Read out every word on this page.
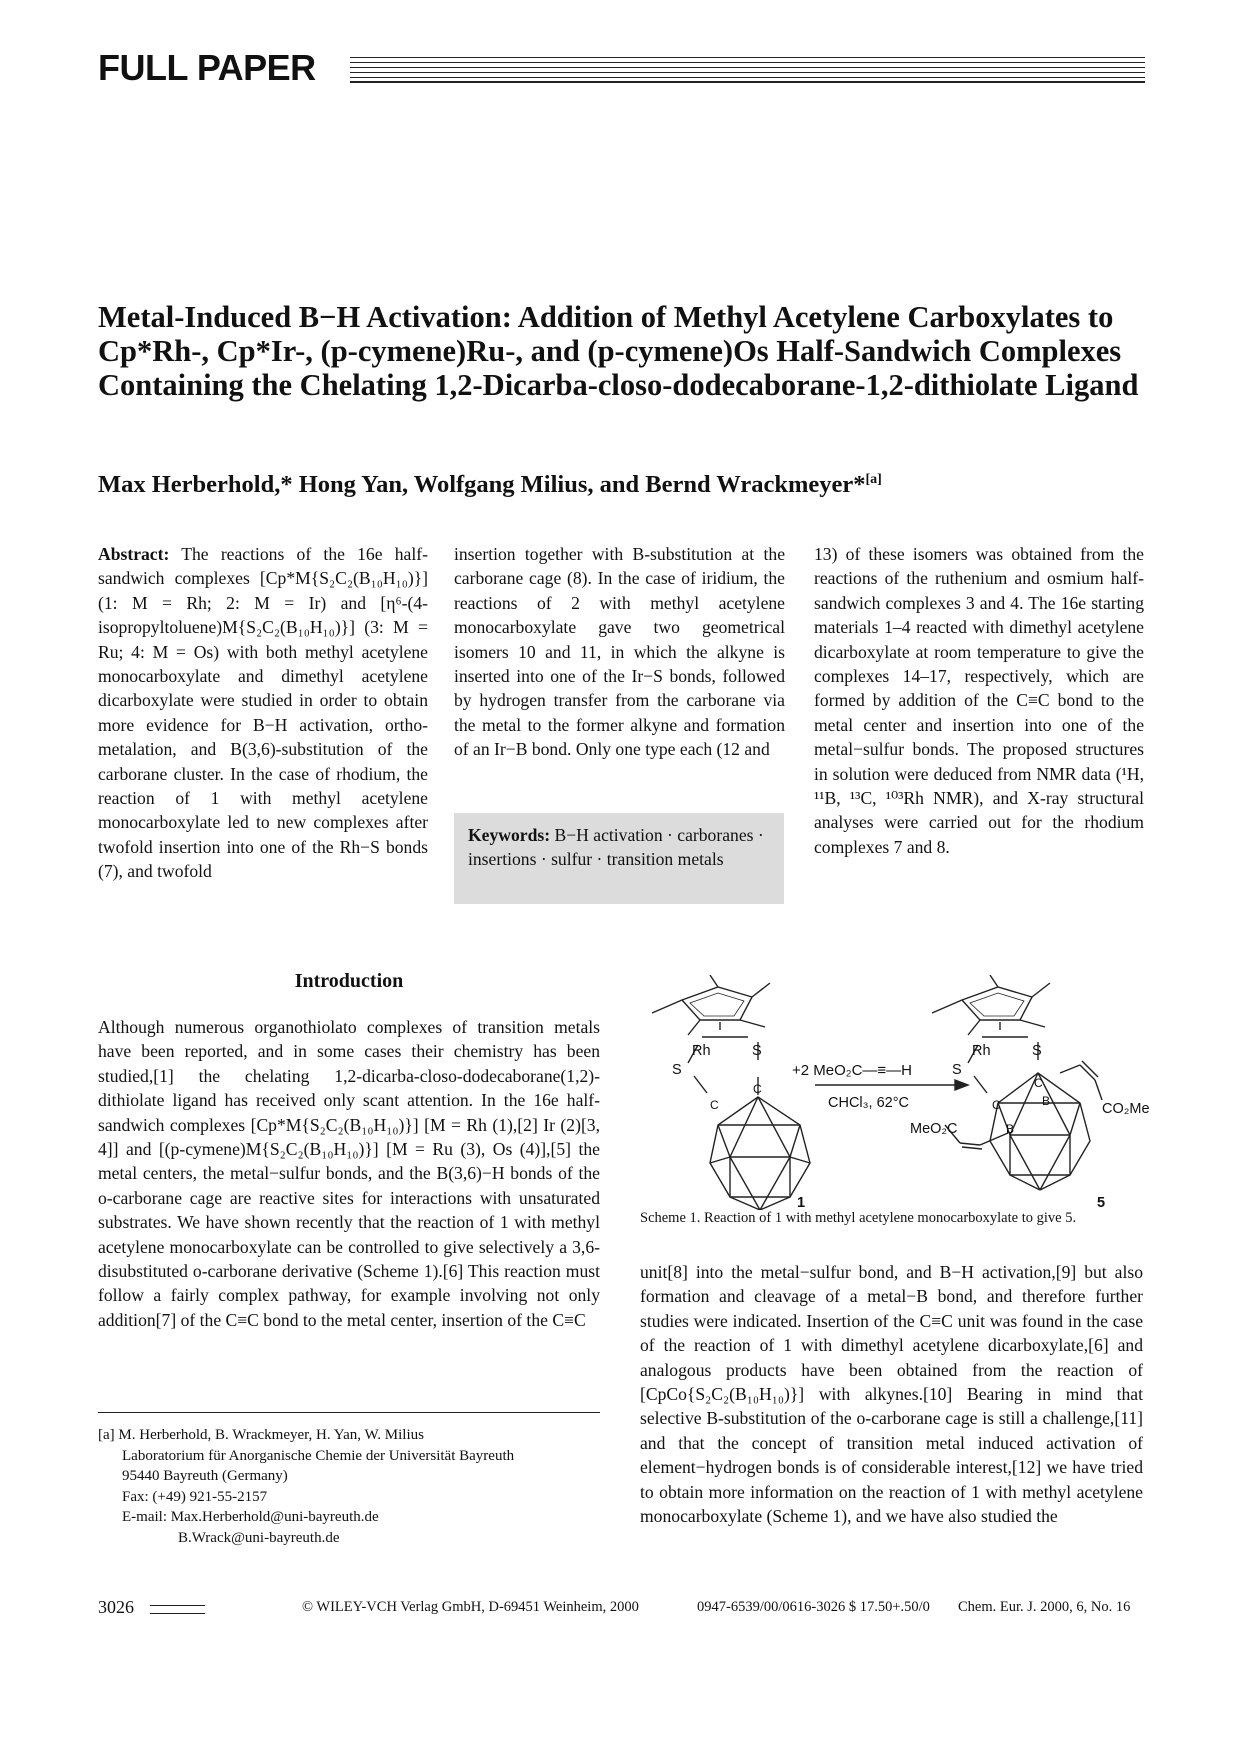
FULL PAPER
Metal-Induced B−H Activation: Addition of Methyl Acetylene Carboxylates to Cp*Rh-, Cp*Ir-, (p-cymene)Ru-, and (p-cymene)Os Half-Sandwich Complexes Containing the Chelating 1,2-Dicarba-closo-dodecaborane-1,2-dithiolate Ligand
Max Herberhold,* Hong Yan, Wolfgang Milius, and Bernd Wrackmeyer*[a]

Abstract: The reactions of the 16e half-sandwich complexes [Cp*M{S₂C₂(B₁₀H₁₀)}] (1: M = Rh; 2: M = Ir) and [η⁶-(4-isopropyltoluene)M{S₂C₂(B₁₀H₁₀)}] (3: M = Ru; 4: M = Os) with both methyl acetylene monocarboxylate and dimethyl acetylene dicarboxylate were studied in order to obtain more evidence for B−H activation, ortho-metalation, and B(3,6)-substitution of the carborane cluster. In the case of rhodium, the reaction of 1 with methyl acetylene monocarboxylate led to new complexes after twofold insertion into one of the Rh−S bonds (7), and twofold

insertion together with B-substitution at the carborane cage (8). In the case of iridium, the reactions of 2 with methyl acetylene monocarboxylate gave two geometrical isomers 10 and 11, in which the alkyne is inserted into one of the Ir−S bonds, followed by hydrogen transfer from the carborane via the metal to the former alkyne and formation of an Ir−B bond. Only one type each (12 and

Keywords: B−H activation · carboranes · insertions · sulfur · transition metals

13) of these isomers was obtained from the reactions of the ruthenium and osmium half-sandwich complexes 3 and 4. The 16e starting materials 1–4 reacted with dimethyl acetylene dicarboxylate at room temperature to give the complexes 14–17, respectively, which are formed by addition of the C≡C bond to the metal center and insertion into one of the metal−sulfur bonds. The proposed structures in solution were deduced from NMR data (¹H, ¹¹B, ¹³C, ¹⁰³Rh NMR), and X-ray structural analyses were carried out for the rhodium complexes 7 and 8.

Introduction
Although numerous organothiolato complexes of transition metals have been reported, and in some cases their chemistry has been studied,[1] the chelating 1,2-dicarba-closo-dodecaborane(1,2)-dithiolate ligand has received only scant attention. In the 16e half-sandwich complexes [Cp*M{S₂C₂(B₁₀H₁₀)}] [M = Rh (1),[2] Ir (2)[3, 4]] and [(p-cymene)M{S₂C₂(B₁₀H₁₀)}] [M = Ru (3), Os (4)],[5] the metal centers, the metal−sulfur bonds, and the B(3,6)−H bonds of the o-carborane cage are reactive sites for interactions with unsaturated substrates. We have shown recently that the reaction of 1 with methyl acetylene monocarboxylate can be controlled to give selectively a 3,6-disubstituted o-carborane derivative (Scheme 1).[6] This reaction must follow a fairly complex pathway, for example involving not only addition[7] of the C≡C bond to the metal center, insertion of the C≡C
[a] M. Herberhold, B. Wrackmeyer, H. Yan, W. Milius
Laboratorium für Anorganische Chemie der Universität Bayreuth
95440 Bayreuth (Germany)
Fax: (+49) 921-55-2157
E-mail: Max.Herberhold@uni-bayreuth.de
B.Wrack@uni-bayreuth.de
Rh	S
S
C
C
+2 MeO₂C—≡—H
CHCl₃, 62°C
Rh	S
S
C
C	B
B
CO₂Me
MeO₂C
1	5
Scheme 1. Reaction of 1 with methyl acetylene monocarboxylate to give 5.
unit[8] into the metal−sulfur bond, and B−H activation,[9] but also formation and cleavage of a metal−B bond, and therefore further studies were indicated. Insertion of the C≡C unit was found in the case of the reaction of 1 with dimethyl acetylene dicarboxylate,[6] and analogous products have been obtained from the reaction of [CpCo{S₂C₂(B₁₀H₁₀)}] with alkynes.[10] Bearing in mind that selective B-substitution of the o-carborane cage is still a challenge,[11] and that the concept of transition metal induced activation of element−hydrogen bonds is of considerable interest,[12] we have tried to obtain more information on the reaction of 1 with methyl acetylene monocarboxylate (Scheme 1), and we have also studied the
3026	© WILEY-VCH Verlag GmbH, D-69451 Weinheim, 2000	0947-6539/00/0616-3026 $ 17.50+.50/0 Chem. Eur. J. 2000, 6, No. 16
